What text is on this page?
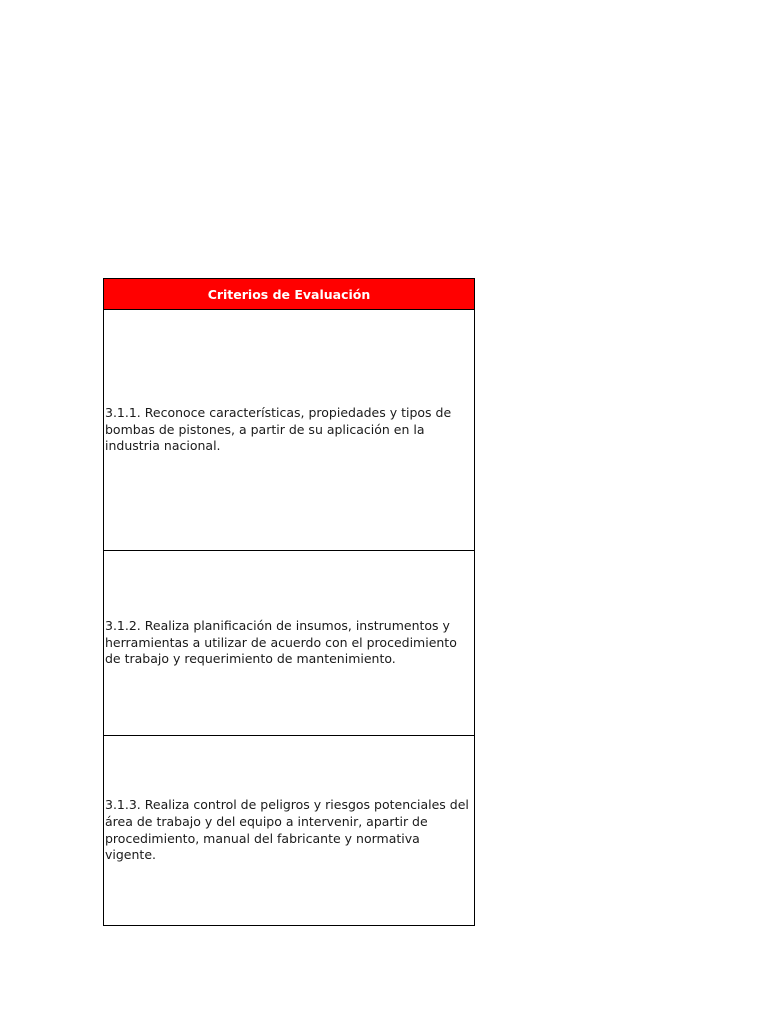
Criterios de Evaluación
3.1.1. Reconoce características, propiedades y tipos de bombas de pistones, a partir de su aplicación en la industria nacional.
3.1.2. Realiza planificación de insumos, instrumentos y herramientas a utilizar de acuerdo con el procedimiento de trabajo y requerimiento de mantenimiento.
3.1.3. Realiza control de peligros y riesgos potenciales del área de trabajo y del equipo a intervenir, apartir de procedimiento, manual del fabricante y normativa vigente.
